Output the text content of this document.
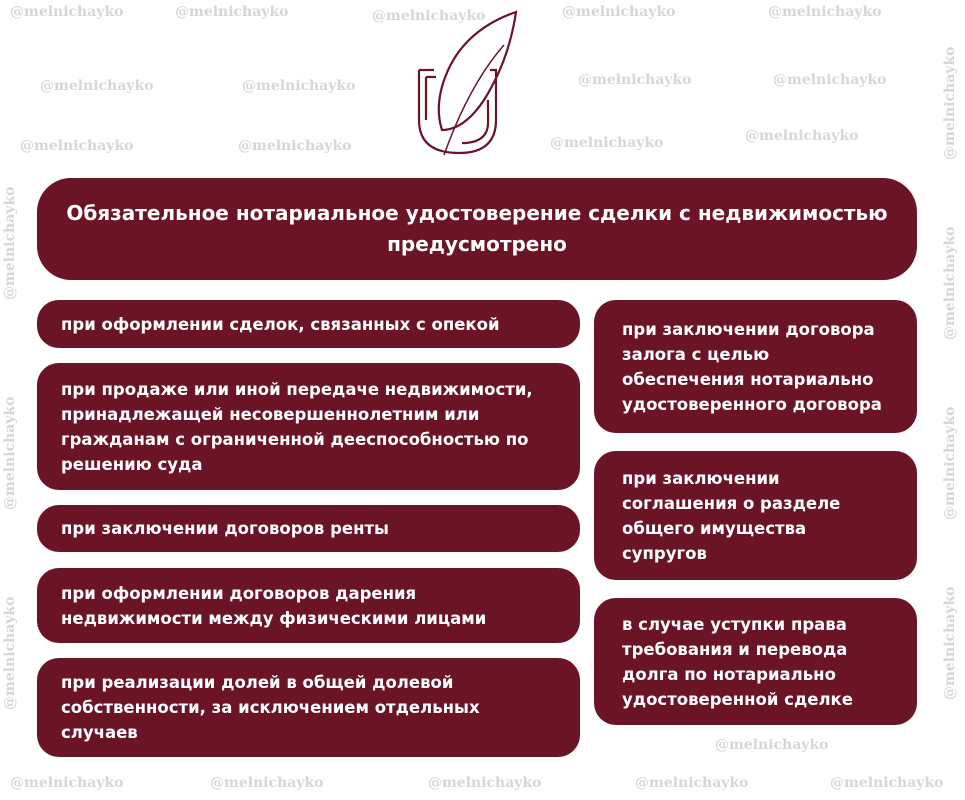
@melnichayko	@melnichayko	@melnichayko	@melnichayko	@melnichayko
@melnichayko	@melnichayko	@melnichayko	@melnichayko
@melnichayko	@melnichayko	@melnichayko	@melnichayko
@melnichayko
@melnichayko	@melnichayko	@melnichayko	@melnichayko	@melnichayko
@melnichayko
@melnichayko
@melnichayko
@melnichayko
@melnichayko
@melnichayko
@melnichayko
Обязательное нотариальное удостоверение сделки с недвижимостью предусмотрено
при оформлении сделок, связанных с опекой
при продаже или иной передаче недвижимости, принадлежащей несовершеннолетним или гражданам с ограниченной дееспособностью по решению суда
при заключении договоров ренты
при оформлении договоров дарения недвижимости между физическими лицами
при реализации долей в общей долевой собственности, за исключением отдельных случаев
при заключении договора залога с целью обеспечения нотариально удостоверенного договора
при заключении соглашения о разделе общего имущества супругов
в случае уступки права требования и перевода долга по нотариально удостоверенной сделке
